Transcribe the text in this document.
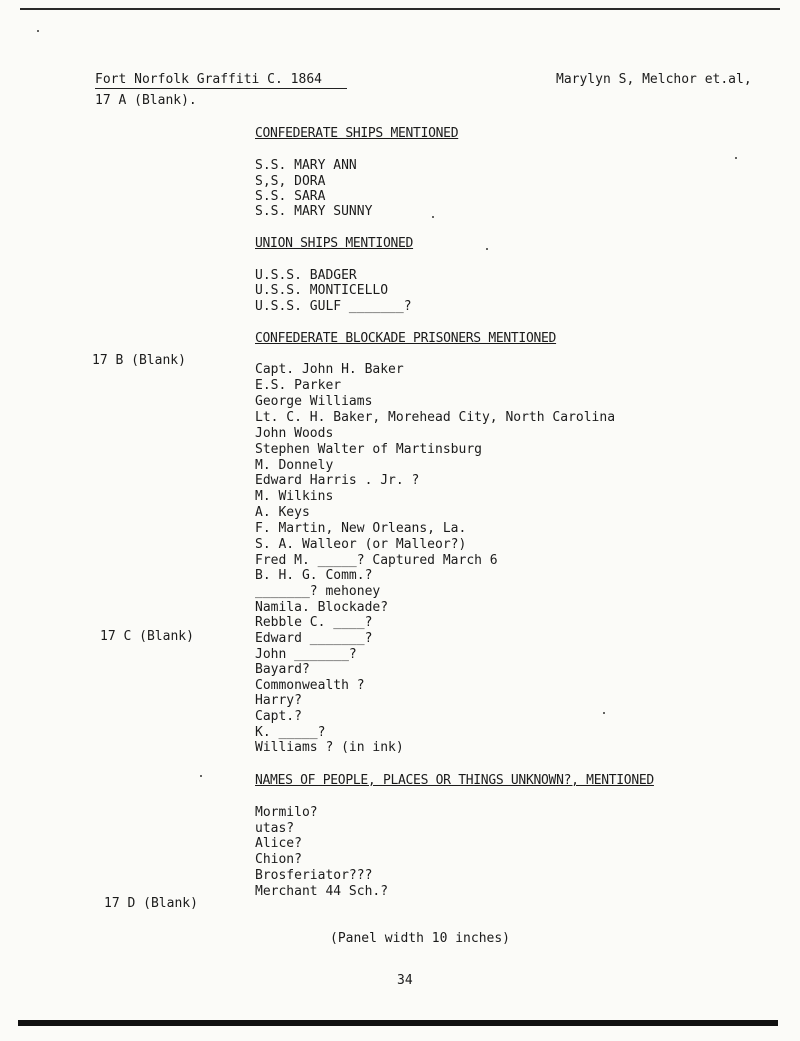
Fort Norfolk Graffiti C. 1864	Marylyn S, Melchor et.al,
17 A (Blank).
CONFEDERATE SHIPS MENTIONED
S.S. MARY ANN
S,S, DORA
S.S. SARA
S.S. MARY SUNNY
UNION SHIPS MENTIONED
U.S.S. BADGER
U.S.S. MONTICELLO
U.S.S. GULF _______?
CONFEDERATE BLOCKADE PRISONERS MENTIONED
17 B (Blank)
Capt. John H. Baker
E.S. Parker
George Williams
Lt. C. H. Baker, Morehead City, North Carolina
John Woods
Stephen Walter of Martinsburg
M. Donnely
Edward Harris . Jr. ?
M. Wilkins
A. Keys
F. Martin, New Orleans, La.
S. A. Walleor (or Malleor?)
Fred M. _____? Captured March 6
B. H. G. Comm.?
_______? mehoney
Namila. Blockade?
Rebble C. ____?
17 C (Blank)	Edward _______?
John _______?
Bayard?
Commonwealth ?
Harry?
Capt.?
K. _____?
Williams ? (in ink)
NAMES OF PEOPLE, PLACES OR THINGS UNKNOWN?, MENTIONED
Mormilo?
utas?
Alice?
Chion?
Brosferiator???
Merchant 44 Sch.?
17 D (Blank)
(Panel width 10 inches)
34
